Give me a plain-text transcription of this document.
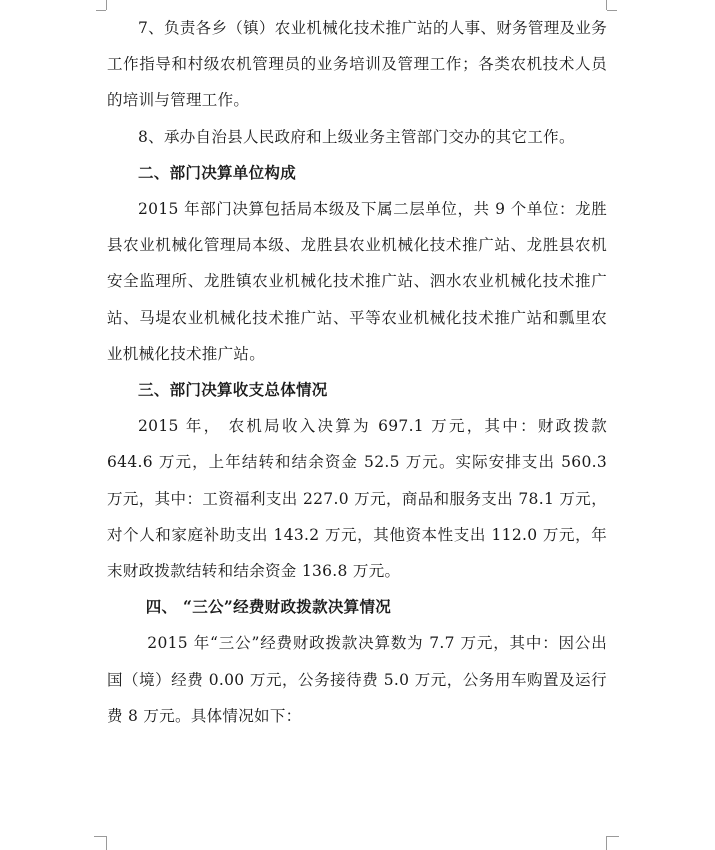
7、负责各乡（镇）农业机械化技术推广站的人事、财务管理及业务工作指导和村级农机管理员的业务培训及管理工作；各类农机技术人员的培训与管理工作。

8、承办自治县人民政府和上级业务主管部门交办的其它工作。

二、部门决算单位构成

2015 年部门决算包括局本级及下属二层单位，共 9 个单位：龙胜县农业机械化管理局本级、龙胜县农业机械化技术推广站、龙胜县农机安全监理所、龙胜镇农业机械化技术推广站、泗水农业机械化技术推广站、马堤农业机械化技术推广站、平等农业机械化技术推广站和瓢里农业机械化技术推广站。

三、部门决算收支总体情况

2015 年， 农机局收入决算为 697.1 万元，其中：财政拨款 644.6 万元，上年结转和结余资金 52.5 万元。实际安排支出 560.3 万元，其中：工资福利支出 227.0 万元，商品和服务支出 78.1 万元，对个人和家庭补助支出 143.2 万元，其他资本性支出 112.0 万元，年末财政拨款结转和结余资金 136.8 万元。

四、 “三公”经费财政拨款决算情况

2015 年“三公”经费财政拨款决算数为 7.7 万元，其中：因公出国（境）经费 0.00 万元，公务接待费 5.0 万元，公务用车购置及运行费 8 万元。具体情况如下：
